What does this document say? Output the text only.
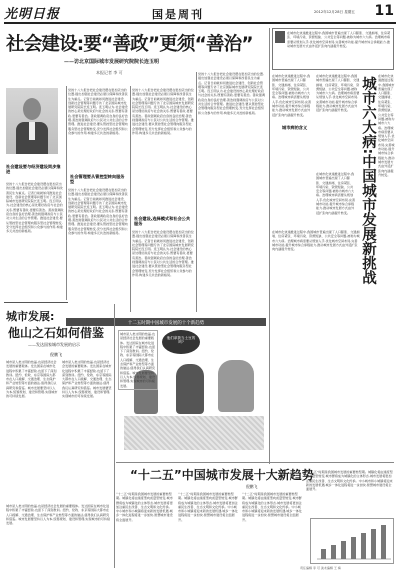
光明日报	国是周刊	2012年12月28日 星期五 11
社会建设:要“善政”更须“善治”
——访北京国际城市发展研究院院长连玉明
本报记者 李 可
社会建设要与经济建设同步推进
党的十八大报告把社会建设摆在更加突出的位置,提出加强社会建设必须以保障和改善民生为重点。记者日前就如何推进社会建设、创新社会管理等问题专访了北京国际城市发展研究院院长连玉明。连玉明认为,社会建设的核心是处理好政府与社会的关系,既要有善政,更要有善治。善政强调政府自身的良好治理,善治则强调政府与公民对公共生活的合作管理。推进社会建设,要从管控型社会管理向服务型社会管理转变,充分发挥社会组织和公众参与的作用,构建多元共治的新格局。
党的十八大报告把社会建设摆在更加突出的位置,提出加强社会建设必须以保障和改善民生为重点。记者日前就如何推进社会建设、创新社会管理等问题专访了北京国际城市发展研究院院长连玉明。连玉明认为,社会建设的核心是处理好政府与社会的关系,既要有善政,更要有善治。善政强调政府自身的良好治理,善治则强调政府与公民对公共生活的合作管理。推进社会建设,要从管控型社会管理向服务型社会管理转变,充分发挥社会组织和公众参与的作用,构建多元共治的新格局。
社会管理要从管控型转向服务型
党的十八大报告把社会建设摆在更加突出的位置,提出加强社会建设必须以保障和改善民生为重点。记者日前就如何推进社会建设、创新社会管理等问题专访了北京国际城市发展研究院院长连玉明。连玉明认为,社会建设的核心是处理好政府与社会的关系,既要有善政,更要有善治。善政强调政府自身的良好治理,善治则强调政府与公民对公共生活的合作管理。推进社会建设,要从管控型社会管理向服务型社会管理转变,充分发挥社会组织和公众参与的作用,构建多元共治的新格局。
党的十八大报告把社会建设摆在更加突出的位置,提出加强社会建设必须以保障和改善民生为重点。记者日前就如何推进社会建设、创新社会管理等问题专访了北京国际城市发展研究院院长连玉明。连玉明认为,社会建设的核心是处理好政府与社会的关系,既要有善政,更要有善治。善政强调政府自身的良好治理,善治则强调政府与公民对公共生活的合作管理。推进社会建设,要从管控型社会管理向服务型社会管理转变,充分发挥社会组织和公众参与的作用,构建多元共治的新格局。
社会建设,选择模式和社会公共服务
党的十八大报告把社会建设摆在更加突出的位置,提出加强社会建设必须以保障和改善民生为重点。记者日前就如何推进社会建设、创新社会管理等问题专访了北京国际城市发展研究院院长连玉明。连玉明认为,社会建设的核心是处理好政府与社会的关系,既要有善政,更要有善治。善政强调政府自身的良好治理,善治则强调政府与公民对公共生活的合作管理。推进社会建设,要从管控型社会管理向服务型社会管理转变,充分发挥社会组织和公众参与的作用,构建多元共治的新格局。
党的十八大报告把社会建设摆在更加突出的位置,提出加强社会建设必须以保障和改善民生为重点。记者日前就如何推进社会建设、创新社会管理等问题专访了北京国际城市发展研究院院长连玉明。连玉明认为,社会建设的核心是处理好政府与社会的关系,既要有善政,更要有善治。善政强调政府自身的良好治理,善治则强调政府与公民对公共生活的合作管理。推进社会建设,要从管控型社会管理向服务型社会管理转变,充分发挥社会组织和公众参与的作用,构建多元共治的新格局。
在城市化快速推进过程中,我国城市普遍出现了人口膨胀、交通拥堵、住房紧张、环境污染、资源短缺、公共安全等问题,被称为城市六大病。治理城市病需要从规划入手,优化城市空间布局,完善城市功能,提升城市综合承载能力,推动城市发展方式由外延扩张向内涵提升转变。
在城市化快速推进过程中,我国城市普遍出现了人口膨胀、交通拥堵、住房紧张、环境污染、资源短缺、公共安全等问题,被称为城市六大病。治理城市病需要从规划入手,优化城市空间布局,完善城市功能,提升城市综合承载能力,推动城市发展方式由外延扩张向内涵提升转变。
城市病的含义
在城市化快速推进过程中,我国城市普遍出现了人口膨胀、交通拥堵、住房紧张、环境污染、资源短缺、公共安全等问题,被称为城市六大病。治理城市病需要从规划入手,优化城市空间布局,完善城市功能,提升城市综合承载能力,推动城市发展方式由外延扩张向内涵提升转变。 城市六大病:中国城市发展新挑战 在城市化快速推进过程中,我国城市普遍出现了人口膨胀、交通拥堵、住房紧张、环境污染、资源短缺、公共安全等问题,被称为城市六大病。治理城市病需要从规划入手,优化城市空间布局,完善城市功能,提升城市综合承载能力,推动城市发展方式由外延扩张向内涵提升转变。
在城市化快速推进过程中,我国城市普遍出现了人口膨胀、交通拥堵、住房紧张、环境污染、资源短缺、公共安全等问题,被称为城市六大病。治理城市病需要从规划入手,优化城市空间布局,完善城市功能,提升城市综合承载能力,推动城市发展方式由外延扩张向内涵提升转变。
在城市化快速推进过程中,我国城市普遍出现了人口膨胀、交通拥堵、住房紧张、环境污染、资源短缺、公共安全等问题,被称为城市六大病。治理城市病需要从规划入手,优化城市空间布局,完善城市功能,提升城市综合承载能力,推动城市发展方式由外延扩张向内涵提升转变。
十二五时期中国城市发展的十个新趋势
城市发展:
他山之石如何借鉴
——发达国家城市发展的启示
倪鹏飞
城市是人类文明的结晶,也是经济社会发展的重要载体。发达国家在城市化进程中积累了丰富经验,也留下了深刻教训。纽约、伦敦、东京等国际大都市在人口疏解、交通治理、生态保护和产业转型等方面的做法,值得我们认真研究和借鉴。城市发展要坚持以人为本,统筹规划、建设和管理,实现城市的可持续发展。
城市是人类文明的结晶,也是经济社会发展的重要载体。发达国家在城市化进程中积累了丰富经验,也留下了深刻教训。纽约、伦敦、东京等国际大都市在人口疏解、交通治理、生态保护和产业转型等方面的做法,值得我们认真研究和借鉴。城市发展要坚持以人为本,统筹规划、建设和管理,实现城市的可持续发展。
他们拿我当土豆的吗?
城市是人类文明的结晶,也是经济社会发展的重要载体。发达国家在城市化进程中积累了丰富经验,也留下了深刻教训。纽约、伦敦、东京等国际大都市在人口疏解、交通治理、生态保护和产业转型等方面的做法,值得我们认真研究和借鉴。城市发展要坚持以人为本,统筹规划、建设和管理,实现城市的可持续发展。
“十二五”中国城市发展十大新趋势
倪鹏飞
“十二五”时期是我国城市发展的重要转型期。城镇化将由速度型向质量型转变,城市群将成为城镇化的主体形态,城市发展将更加注重民生改善、生态文明和文化传承。中小城市和小城镇将迎来新的发展机遇,城乡一体化进程将进一步加快,智慧城市建设将全面展开。
“十二五”时期是我国城市发展的重要转型期。城镇化将由速度型向质量型转变,城市群将成为城镇化的主体形态,城市发展将更加注重民生改善、生态文明和文化传承。中小城市和小城镇将迎来新的发展机遇,城乡一体化进程将进一步加快,智慧城市建设将全面展开。
“十二五”时期是我国城市发展的重要转型期。城镇化将由速度型向质量型转变,城市群将成为城镇化的主体形态,城市发展将更加注重民生改善、生态文明和文化传承。中小城市和小城镇将迎来新的发展机遇,城乡一体化进程将进一步加快,智慧城市建设将全面展开。
“十二五”时期是我国城市发展的重要转型期。城镇化将由速度型向质量型转变,城市群将成为城镇化的主体形态,城市发展将更加注重民生改善、生态文明和文化传承。中小城市和小城镇将迎来新的发展机遇,城乡一体化进程将进一步加快,智慧城市建设将全面展开。
城市是人类文明的结晶,也是经济社会发展的重要载体。发达国家在城市化进程中积累了丰富经验,也留下了深刻教训。纽约、伦敦、东京等国际大都市在人口疏解、交通治理、生态保护和产业转型等方面的做法,值得我们认真研究和借鉴。城市发展要坚持以人为本,统筹规划、建设和管理,实现城市的可持续发展。
责任编辑 李 可 美术编辑 王 梅
